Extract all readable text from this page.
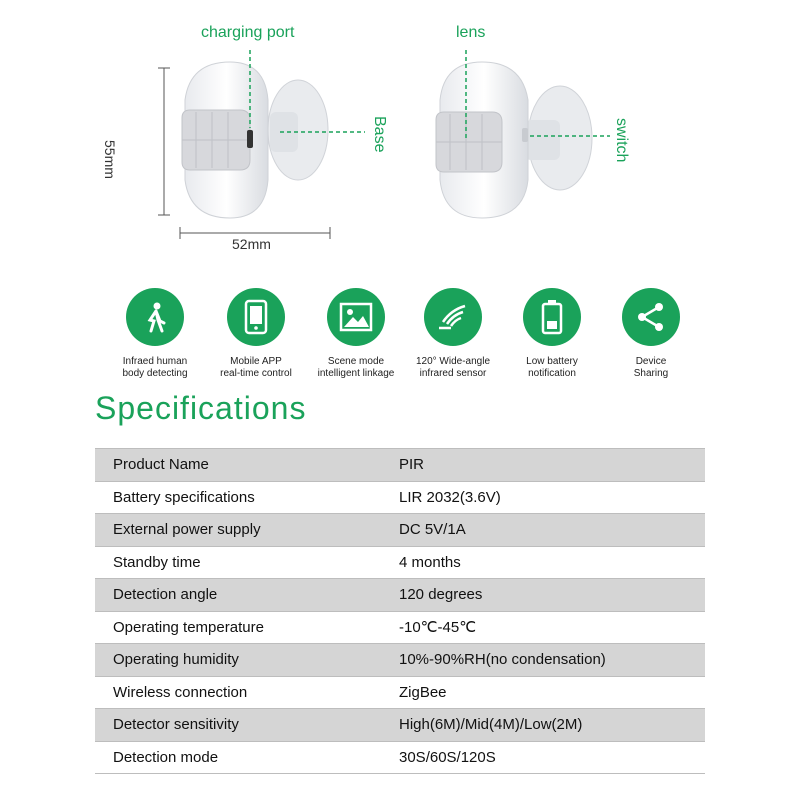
charging port
55mm
52mm
Base
lens
switch
Infraed human
body detecting
Mobile APP
real-time control
Scene mode
intelligent linkage
120° Wide-angle
infrared sensor
Low battery
notification
Device
Sharing
Specifications
Product Name	PIR
Battery specifications	LIR 2032(3.6V)
External power supply	DC 5V/1A
Standby time	4 months
Detection angle	120 degrees
Operating temperature	-10℃-45℃
Operating humidity	10%-90%RH(no condensation)
Wireless connection	ZigBee
Detector sensitivity	High(6M)/Mid(4M)/Low(2M)
Detection mode	30S/60S/120S
